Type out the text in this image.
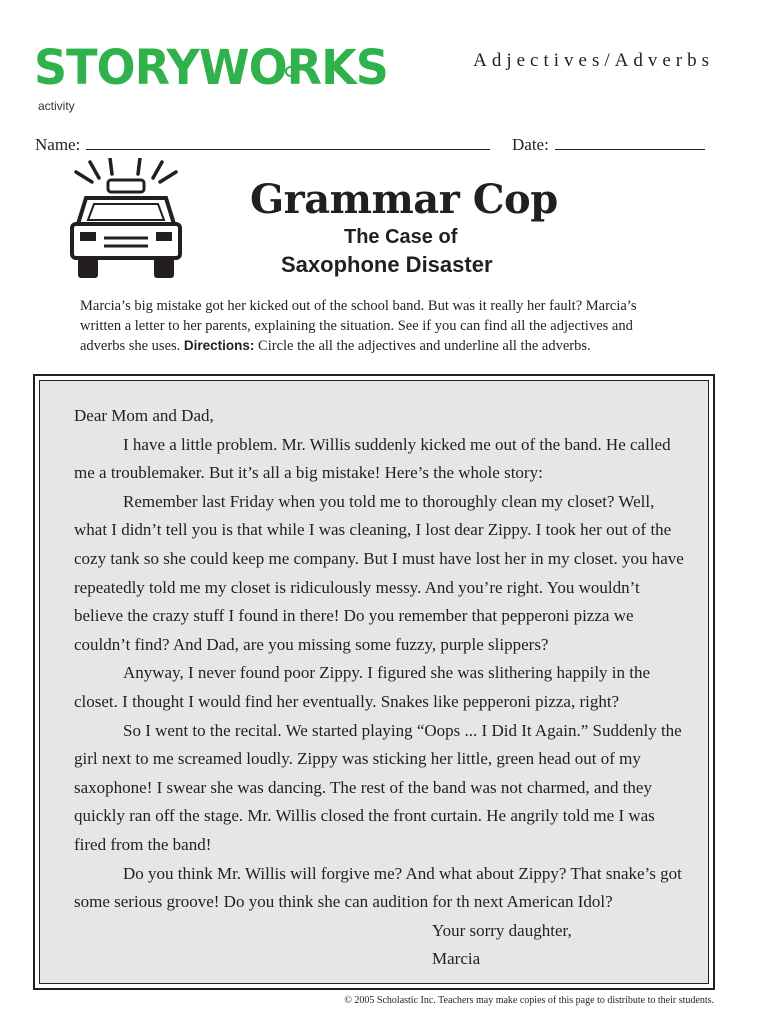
STORYWORKS
activity
Adjectives/Adverbs
Name:	Date:
Grammar Cop
The Case of
Saxophone Disaster
Marcia’s big mistake got her kicked out of the school band. But was it really her fault? Marcia’s written a letter to her parents, explaining the situation. See if you can find all the adjectives and adverbs she uses. Directions: Circle the all the adjectives and underline all the adverbs.

Dear Mom and Dad,

I have a little problem. Mr. Willis suddenly kicked me out of the band. He called me a troublemaker. But it’s all a big mistake! Here’s the whole story:

Remember last Friday when you told me to thoroughly clean my closet? Well, what I didn’t tell you is that while I was cleaning, I lost dear Zippy. I took her out of the cozy tank so she could keep me company. But I must have lost her in my closet. you have repeatedly told me my closet is ridiculously messy. And you’re right. You wouldn’t believe the crazy stuff I found in there! Do you remember that pepperoni pizza we couldn’t find? And Dad, are you missing some fuzzy, purple slippers?

Anyway, I never found poor Zippy. I figured she was slithering happily in the closet. I thought I would find her eventually. Snakes like pepperoni pizza, right?

So I went to the recital. We started playing “Oops ... I Did It Again.” Suddenly the girl next to me screamed loudly. Zippy was sticking her little, green head out of my saxophone! I swear she was dancing. The rest of the band was not charmed, and they quickly ran off the stage. Mr. Willis closed the front curtain. He angrily told me I was fired from the band!

Do you think Mr. Willis will forgive me? And what about Zippy? That snake’s got some serious groove! Do you think she can audition for th next American Idol?

Your sorry daughter,

Marcia

© 2005 Scholastic Inc. Teachers may make copies of this page to distribute to their students.
